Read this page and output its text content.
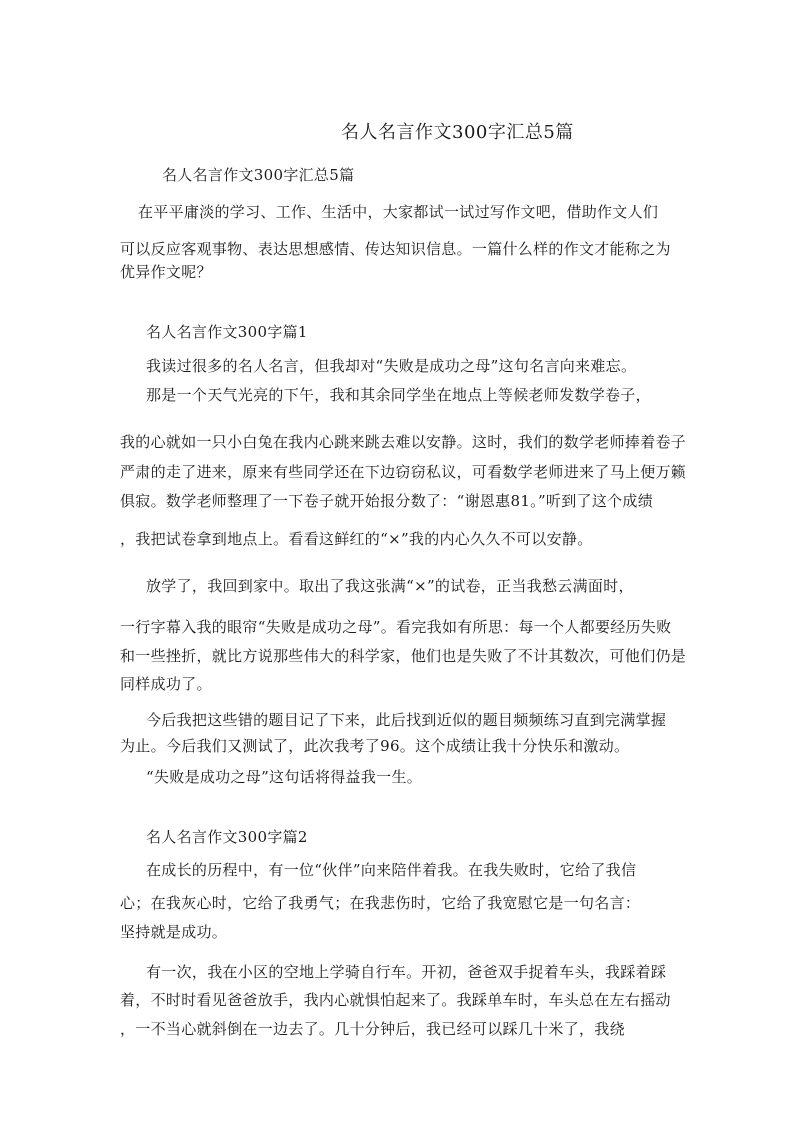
名人名言作文300字汇总5篇
名人名言作文300字汇总5篇
在平平庸淡的学习、工作、生活中，大家都试一试过写作文吧，借助作文人们
可以反应客观事物、表达思想感情、传达知识信息。一篇什么样的作文才能称之为
优异作文呢？
名人名言作文300字篇1
我读过很多的名人名言，但我却对“失败是成功之母”这句名言向来难忘。
那是一个天气光亮的下午，我和其余同学坐在地点上等候老师发数学卷子，
我的心就如一只小白兔在我内心跳来跳去难以安静。这时，我们的数学老师捧着卷子
严肃的走了进来，原来有些同学还在下边窃窃私议，可看数学老师进来了马上便万籁
俱寂。数学老师整理了一下卷子就开始报分数了：“谢恩惠81。”听到了这个成绩
，我把试卷拿到地点上。看看这鲜红的“×”我的内心久久不可以安静。
放学了，我回到家中。取出了我这张满“×”的试卷，正当我愁云满面时，
一行字幕入我的眼帘“失败是成功之母”。看完我如有所思：每一个人都要经历失败
和一些挫折，就比方说那些伟大的科学家，他们也是失败了不计其数次，可他们仍是
同样成功了。
今后我把这些错的题目记了下来，此后找到近似的题目频频练习直到完满掌握
为止。今后我们又测试了，此次我考了96。这个成绩让我十分快乐和激动。
“失败是成功之母”这句话将得益我一生。
名人名言作文300字篇2
在成长的历程中，有一位“伙伴”向来陪伴着我。在我失败时，它给了我信
心；在我灰心时，它给了我勇气；在我悲伤时，它给了我宽慰它是一句名言：
坚持就是成功。
有一次，我在小区的空地上学骑自行车。开初，爸爸双手捉着车头，我踩着踩
着，不时时看见爸爸放手，我内心就惧怕起来了。我踩单车时，车头总在左右摇动
，一不当心就斜倒在一边去了。几十分钟后，我已经可以踩几十米了，我绕
